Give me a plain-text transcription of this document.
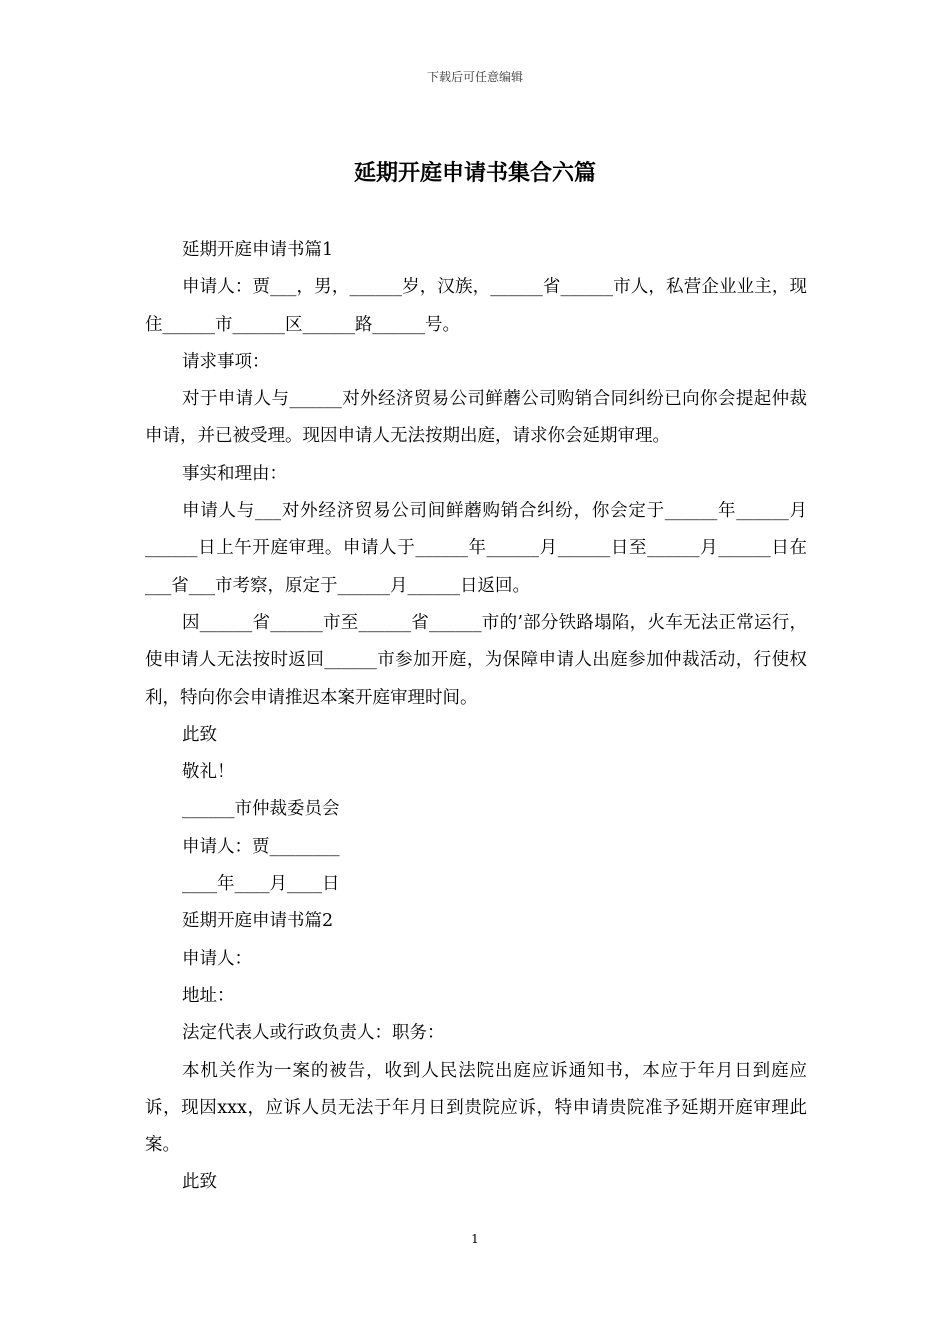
下载后可任意编辑
延期开庭申请书集合六篇

延期开庭申请书篇1

申请人：贾___，男，______岁，汉族，______省______市人，私营企业业主，现住______市______区______路______号。

请求事项：

对于申请人与______对外经济贸易公司鲜蘑公司购销合同纠纷已向你会提起仲裁申请，并已被受理。现因申请人无法按期出庭，请求你会延期审理。

事实和理由：

申请人与___对外经济贸易公司间鲜蘑购销合纠纷，你会定于______年______月______日上午开庭审理。申请人于______年______月______日至______月______日在___省___市考察，原定于______月______日返回。

因______省______市至______省______市的’部分铁路塌陷，火车无法正常运行，使申请人无法按时返回______市参加开庭，为保障申请人出庭参加仲裁活动，行使权利，特向你会申请推迟本案开庭审理时间。

此致

敬礼！

______市仲裁委员会

申请人：贾________

____年____月____日

延期开庭申请书篇2

申请人：

地址：

法定代表人或行政负责人：职务：

本机关作为一案的被告，收到人民法院出庭应诉通知书，本应于年月日到庭应诉，现因xxx，应诉人员无法于年月日到贵院应诉，特申请贵院准予延期开庭审理此案。

此致

1
